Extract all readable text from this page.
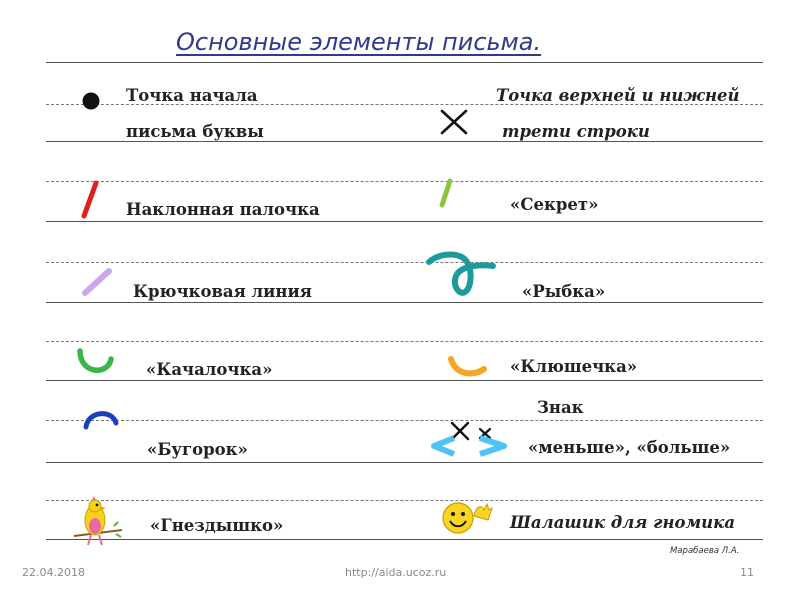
Основные элементы письма.
Точка начала
письма буквы
Точка верхней и нижней
трети строки
Наклонная палочка	«Секрет»
Крючковая линия	«Рыбка»
«Качалочка»	«Клюшечка»
«Бугорок»
Знак
«меньше», «больше»
«Гнездышко»	Шалашик для гномика
Марабаева Л.А.
22.04.2018	http://aida.ucoz.ru	11
